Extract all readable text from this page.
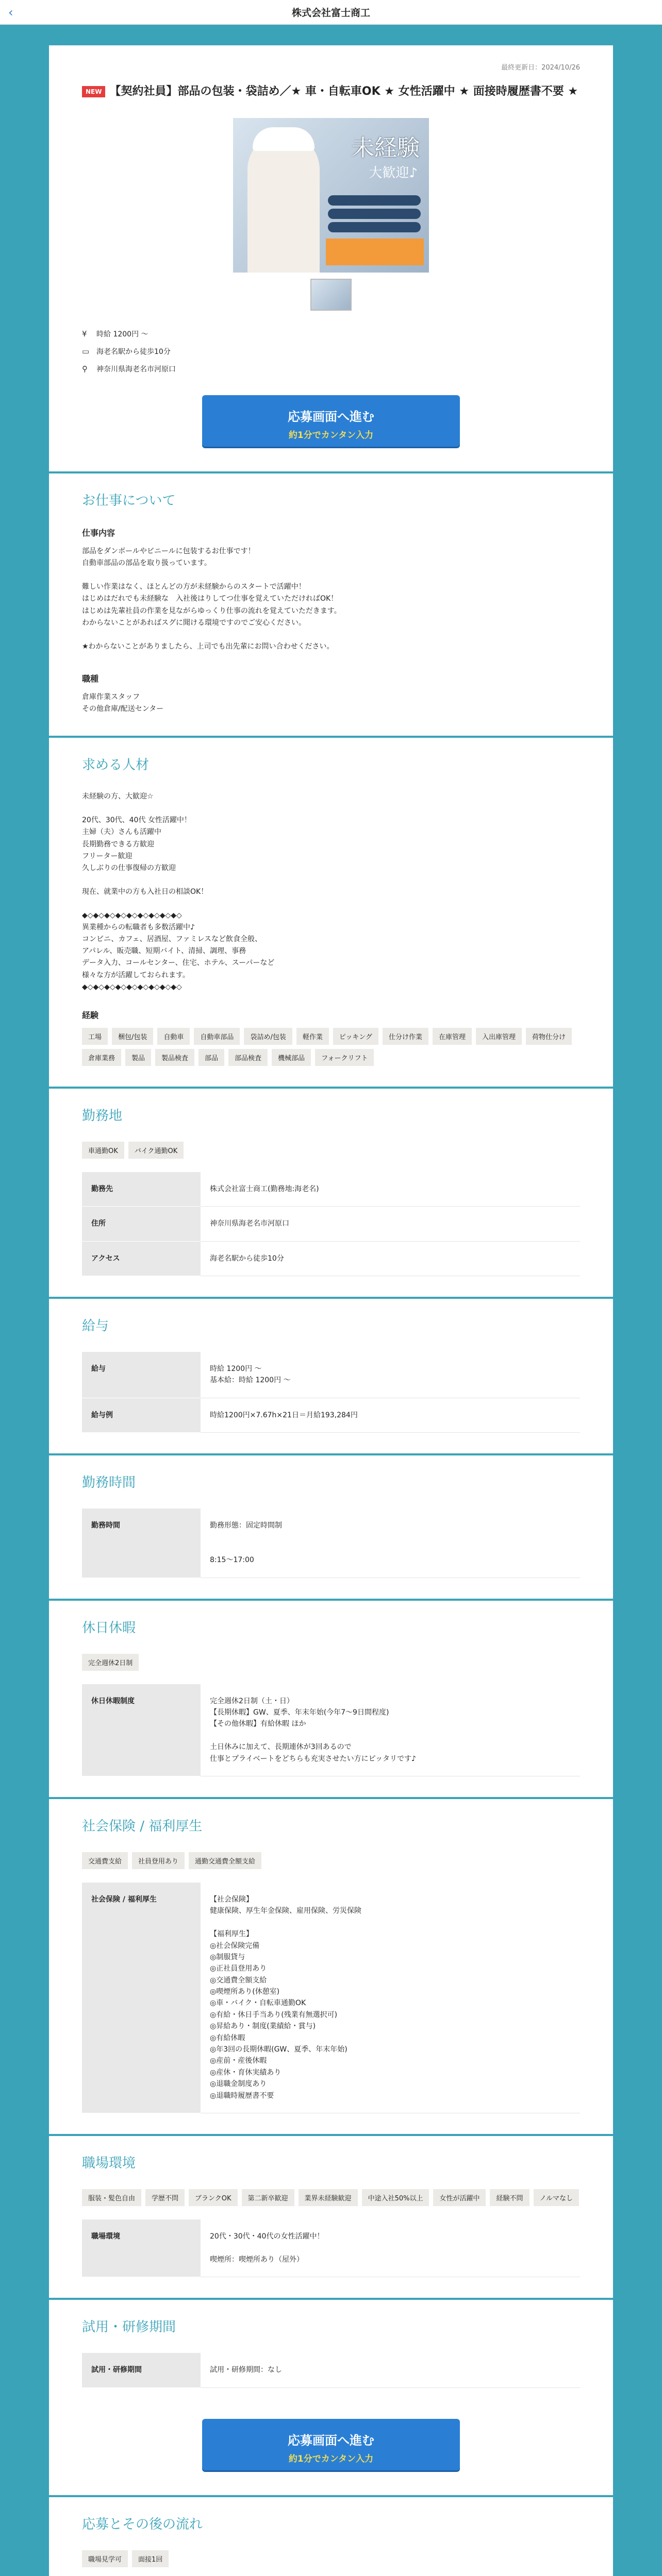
‹	株式会社富士商工
最終更新日：2024/10/26
NEW 【契約社員】部品の包装・袋詰め／★ 車・自転車OK ★ 女性活躍中 ★ 面接時履歴書不要 ★
未経験
大歓迎♪
¥	時給 1200円 〜
▭ 海老名駅から徒歩10分
⚲	神奈川県海老名市河原口
応募画面へ進む
約1分でカンタン入力
お仕事について
仕事内容
部品をダンボールやビニールに包装するお仕事です！
自動車部品の部品を取り扱っています。

難しい作業はなく、ほとんどの方が未経験からのスタートで活躍中！
はじめはだれでも未経験な　入社後はりしてつ仕事を覚えていただければOK！
はじめは先輩社員の作業を見ながらゆっくり仕事の流れを覚えていただきます。
わからないことがあればスグに聞ける環境ですのでご安心ください。

★わからないことがありましたら、上司でも出先輩にお問い合わせください。
職種
倉庫作業スタッフ
その他倉庫/配送センター
求める人材
未経験の方、大歓迎☆

20代、30代、40代 女性活躍中！
主婦（夫）さんも活躍中
長期勤務できる方歓迎
フリーター歓迎
久しぶりの仕事復帰の方歓迎

現在、就業中の方も入社日の相談OK！

◆◇◆◇◆◇◆◇◆◇◆◇◆◇◆◇◆◇
異業種からの転職者も多数活躍中♪
コンビニ、カフェ、居酒屋、ファミレスなど飲食全般、
アパレル、販売職、短期バイト、清掃、調理、事務
データ入力、コールセンター、住宅、ホテル、スーパーなど
様々な方が活躍しておられます。
◆◇◆◇◆◇◆◇◆◇◆◇◆◇◆◇◆◇
経験
工場	梱包/包装	自動車	自動車部品	袋詰め/包装	軽作業	ピッキング	仕分け作業	在庫管理	入出庫管理	荷物仕分け
倉庫業務	製品	製品検査	部品	部品検査	機械部品	フォークリフト
勤務地
車通勤OK	バイク通勤OK
勤務先	株式会社富士商工(勤務地:海老名)
住所	神奈川県海老名市河原口
アクセス	海老名駅から徒歩10分
給与
給与	時給 1200円 〜
基本給：時給 1200円 〜
給与例	時給1200円×7.67h×21日＝月給193,284円
勤務時間
勤務時間	勤務形態：固定時間制

8:15〜17:00
休日休暇
完全週休2日制
休日休暇制度	完全週休2日制（土・日）
【長期休暇】GW、夏季、年末年始(今年7〜9日間程度)
【その他休暇】有給休暇 ほか

土日休みに加えて、長期連休が3回あるので
仕事とプライベートをどちらも充実させたい方にピッタリです♪
社会保険 / 福利厚生
交通費支給	社員登用あり	通勤交通費全額支給
社会保険 / 福利厚生	【社会保険】
健康保険、厚生年金保険、雇用保険、労災保険

【福利厚生】
◎社会保険完備
◎制服貸与
◎正社員登用あり
◎交通費全額支給
◎喫煙所あり(休憩室)
◎車・バイク・自転車通勤OK
◎有給・休日手当あり(残業有無選択可)
◎昇給あり・制度(業績給・賞与)
◎有給休暇
◎年3回の長期休暇(GW、夏季、年末年始)
◎産前・産後休暇
◎産休・育休実績あり
◎退職金制度あり
◎退職時履歴書不要
職場環境
服装・髪色自由	学歴不問	ブランクOK	第二新卒歓迎	業界未経験歓迎	中途入社50%以上	女性が活躍中	経験不問	ノルマなし
職場環境	20代・30代・40代の女性活躍中！

喫煙所：喫煙所あり（屋外）
試用・研修期間
試用・研修期間	試用・研修期間：なし
応募画面へ進む
約1分でカンタン入力
応募とその後の流れ
職場見学可	面接1回
